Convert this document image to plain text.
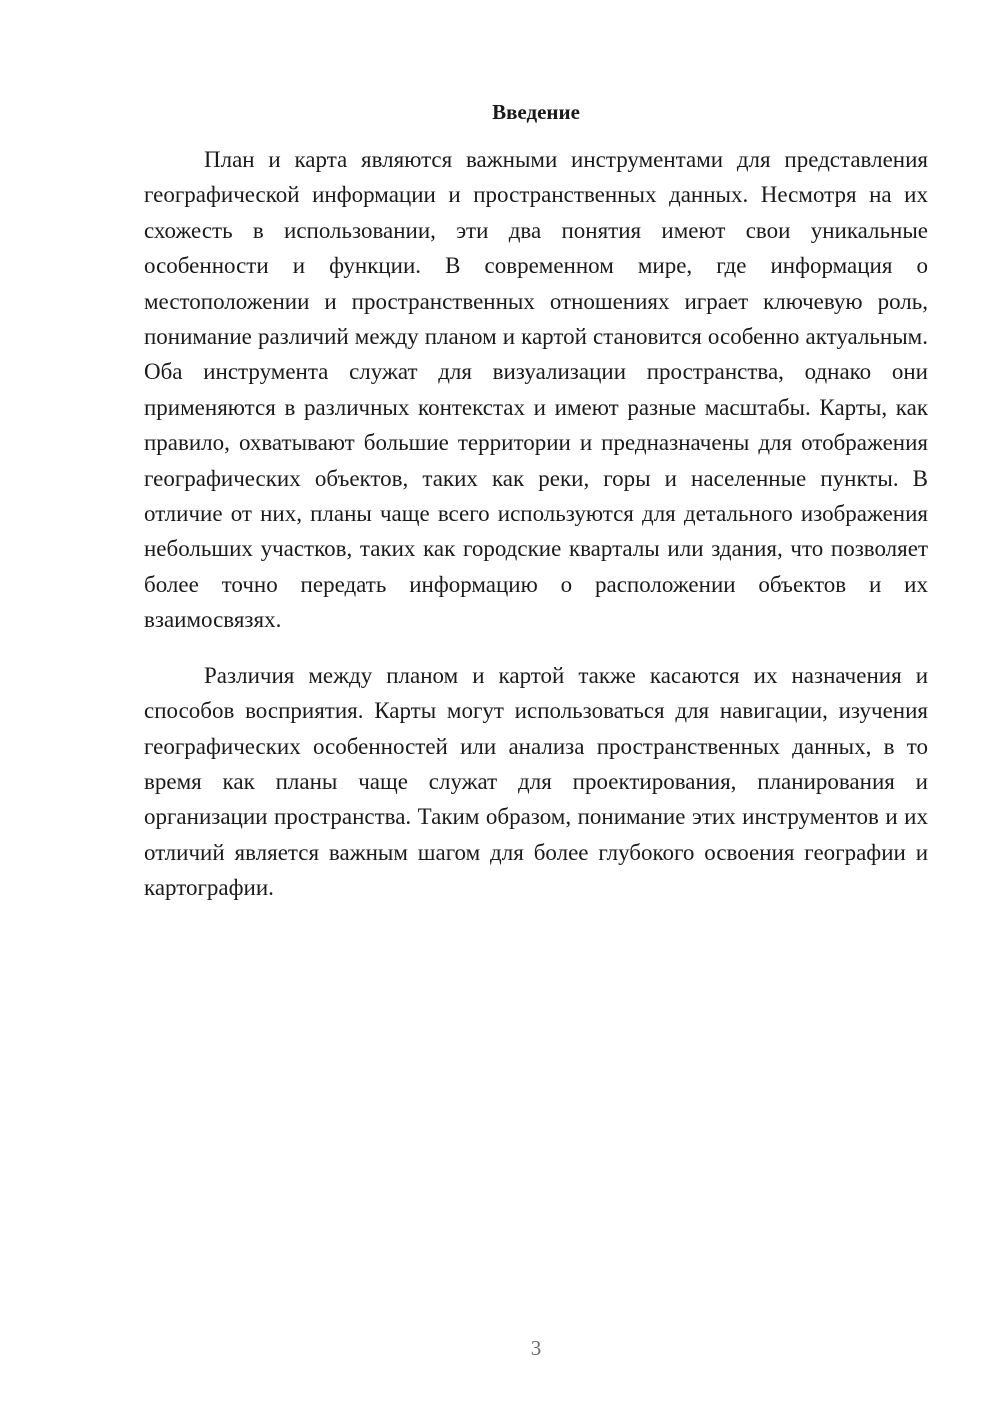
Введение

План и карта являются важными инструментами для представления географической информации и пространственных данных. Несмотря на их схожесть в использовании, эти два понятия имеют свои уникальные особенности и функции. В современном мире, где информация о местоположении и пространственных отношениях играет ключевую роль, понимание различий между планом и картой становится особенно актуальным. Оба инструмента служат для визуализации пространства, однако они применяются в различных контекстах и имеют разные масштабы. Карты, как правило, охватывают большие территории и предназначены для отображения географических объектов, таких как реки, горы и населенные пункты. В отличие от них, планы чаще всего используются для детального изображения небольших участков, таких как городские кварталы или здания, что позволяет более точно передать информацию о расположении объектов и их взаимосвязях.

Различия между планом и картой также касаются их назначения и способов восприятия. Карты могут использоваться для навигации, изучения географических особенностей или анализа пространственных данных, в то время как планы чаще служат для проектирования, планирования и организации пространства. Таким образом, понимание этих инструментов и их отличий является важным шагом для более глубокого освоения географии и картографии.

3
